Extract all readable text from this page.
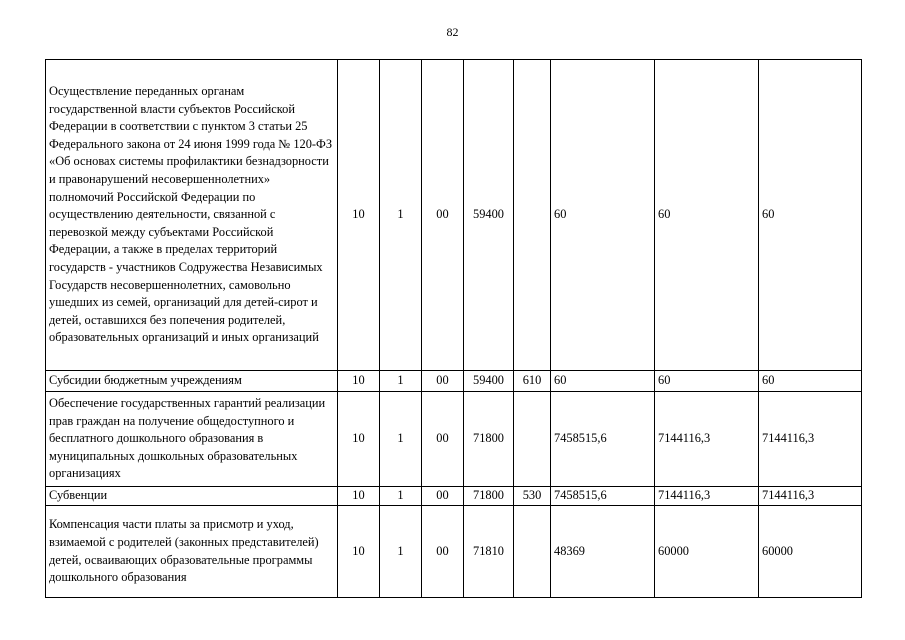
82
Осуществление переданных органам государственной власти субъектов Российской Федерации в соответствии с пунктом 3 статьи 25 Федерального закона от 24 июня 1999 года № 120-ФЗ «Об основах системы профилактики безнадзорности и правонарушений несовершеннолетних» полномочий Российской Федерации по осуществлению деятельности, связанной с перевозкой между субъектами Российской Федерации, а также в пределах территорий государств - участников Содружества Независимых Государств несовершеннолетних, самовольно ушедших из семей, организаций для детей-сирот и детей, оставшихся без попечения родителей, образовательных организаций и иных организаций	10	1	00	59400		60	60	60
Субсидии бюджетным учреждениям	10	1	00	59400	610	60	60	60
Обеспечение государственных гарантий реализации прав граждан на получение общедоступного и бесплатного дошкольного образования в муниципальных дошкольных образовательных организациях	10	1	00	71800		7458515,6	7144116,3	7144116,3
Субвенции	10	1	00	71800	530	7458515,6	7144116,3	7144116,3
Компенсация части платы за присмотр и уход, взимаемой с родителей (законных представителей) детей, осваивающих образовательные программы дошкольного образования	10	1	00	71810		48369	60000	60000
